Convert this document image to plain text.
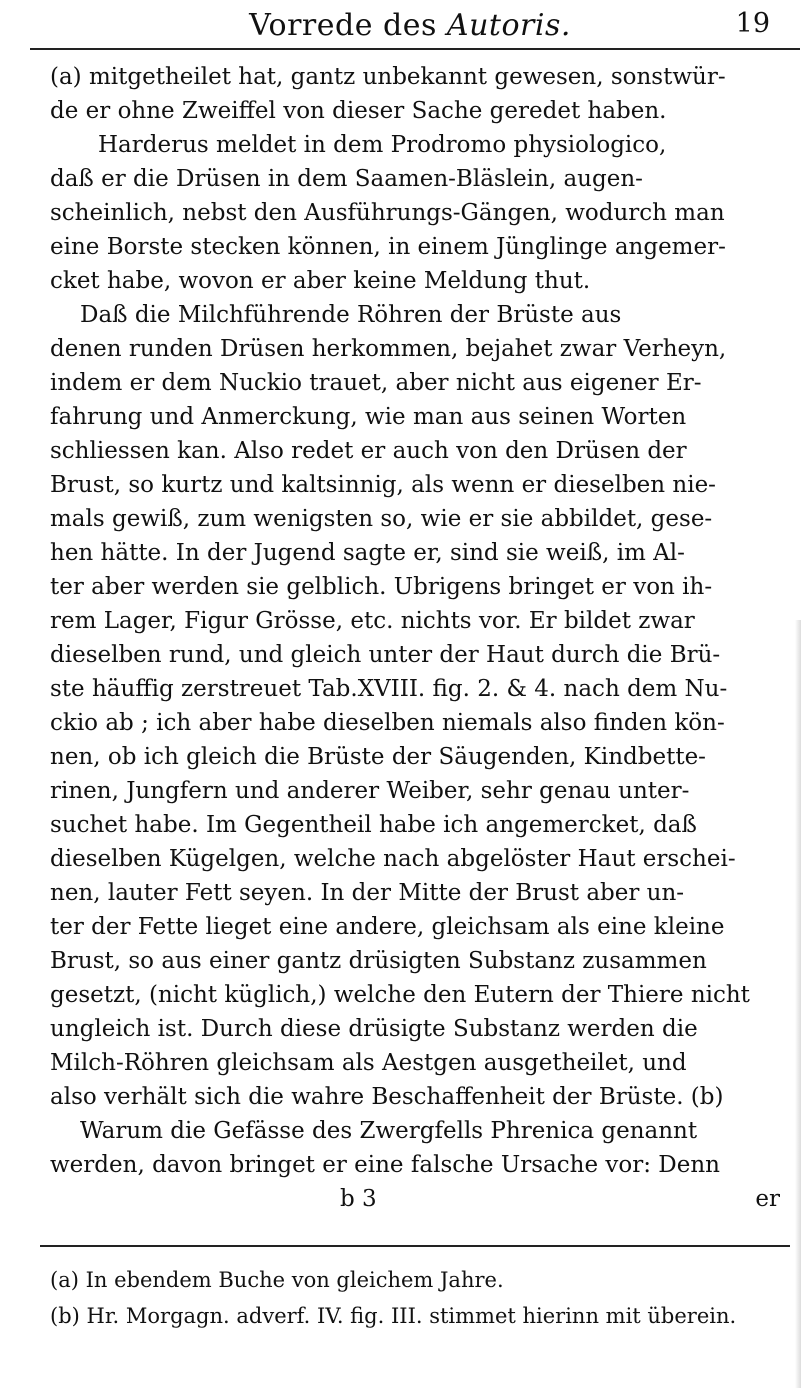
Vorrede des Autoris.	19
(a) mitgetheilet hat, gantz unbekannt gewesen, sonstwür-
de er ohne Zweiffel von dieser Sache geredet haben.
Harderus meldet in dem Prodromo physiologico,
daß er die Drüsen in dem Saamen-Bläslein, augen-
scheinlich, nebst den Ausführungs-Gängen, wodurch man
eine Borste stecken können, in einem Jünglinge angemer-
cket habe, wovon er aber keine Meldung thut.
Daß die Milchführende Röhren der Brüste aus
denen runden Drüsen herkommen, bejahet zwar Verheyn,
indem er dem Nuckio trauet, aber nicht aus eigener Er-
fahrung und Anmerckung, wie man aus seinen Worten
schliessen kan. Also redet er auch von den Drüsen der
Brust, so kurtz und kaltsinnig, als wenn er dieselben nie-
mals gewiß, zum wenigsten so, wie er sie abbildet, gese-
hen hätte. In der Jugend sagte er, sind sie weiß, im Al-
ter aber werden sie gelblich. Ubrigens bringet er von ih-
rem Lager, Figur Grösse, etc. nichts vor. Er bildet zwar
dieselben rund, und gleich unter der Haut durch die Brü-
ste häuffig zerstreuet Tab.XVIII. fig. 2. & 4. nach dem Nu-
ckio ab ; ich aber habe dieselben niemals also finden kön-
nen, ob ich gleich die Brüste der Säugenden, Kindbette-
rinen, Jungfern und anderer Weiber, sehr genau unter-
suchet habe. Im Gegentheil habe ich angemercket, daß
dieselben Kügelgen, welche nach abgelöster Haut erschei-
nen, lauter Fett seyen. In der Mitte der Brust aber un-
ter der Fette lieget eine andere, gleichsam als eine kleine
Brust, so aus einer gantz drüsigten Substanz zusammen
gesetzt, (nicht küglich,) welche den Eutern der Thiere nicht
ungleich ist. Durch diese drüsigte Substanz werden die
Milch-Röhren gleichsam als Aestgen ausgetheilet, und
also verhält sich die wahre Beschaffenheit der Brüste. (b)
Warum die Gefässe des Zwergfells Phrenica genannt
werden, davon bringet er eine falsche Ursache vor: Denn
b 3	er
(a) In ebendem Buche von gleichem Jahre.
(b) Hr. Morgagn. adverf. IV. fig. III. stimmet hierinn mit überein.
